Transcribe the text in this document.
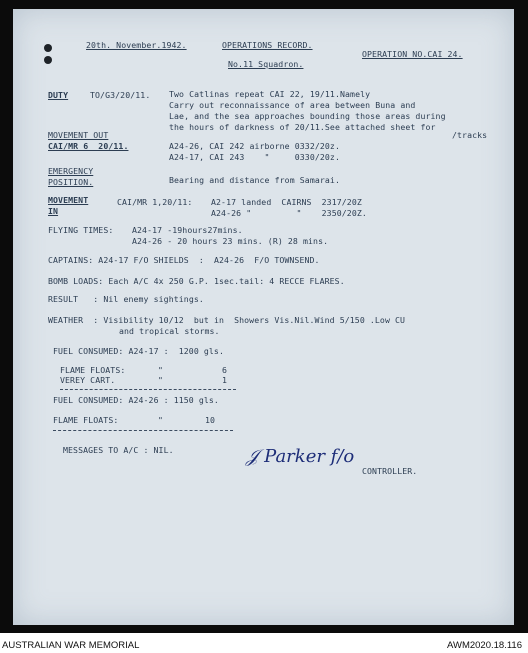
20th. November.1942.	OPERATIONS RECORD.
OPERATION NO.CAI 24.
No.11 Squadron.
DUTY	TO/G3/20/11. Two Catlinas repeat CAI 22, 19/11.Namely
Carry out reconnaissance of area between Buna and
Lae, and the sea approaches bounding those areas during
the hours of darkness of 20/11.See attached sheet for
/tracks
MOVEMENT OUT
CAI/MR 6  20/11.	A24-26, CAI 242 airborne 0332/20z.
A24-17, CAI 243    "     0330/20z.
EMERGENCY
POSITION.	Bearing and distance from Samarai.
MOVEMENT
IN
CAI/MR 1,20/11: A2-17 landed  CAIRNS  2317/20Z
A24-26 "         "    2350/20Z.
FLYING TIMES: A24-17 -19hours27mins.
A24-26 - 20 hours 23 mins. (R) 28 mins.
CAPTAINS: A24-17 F/O SHIELDS  :  A24-26  F/O TOWNSEND.
BOMB LOADS: Each A/C 4x 250 G.P. 1sec.tail: 4 RECCE FLARES.
RESULT   : Nil enemy sightings.
WEATHER  : Visibility 10/12  but in  Showers Vis.Nil.Wind 5/150 .Low CU
and tropical storms.
FUEL CONSUMED: A24-17 :  1200 gls.
FLAME FLOATS:	"	6
VEREY CART.	"	1
FUEL CONSUMED: A24-26 : 1150 gls.
FLAME FLOATS:	"	10
MESSAGES TO A/C : NIL.	𝒥 Parker f/o
CONTROLLER.
AUSTRALIAN WAR MEMORIAL	AWM2020.18.116
